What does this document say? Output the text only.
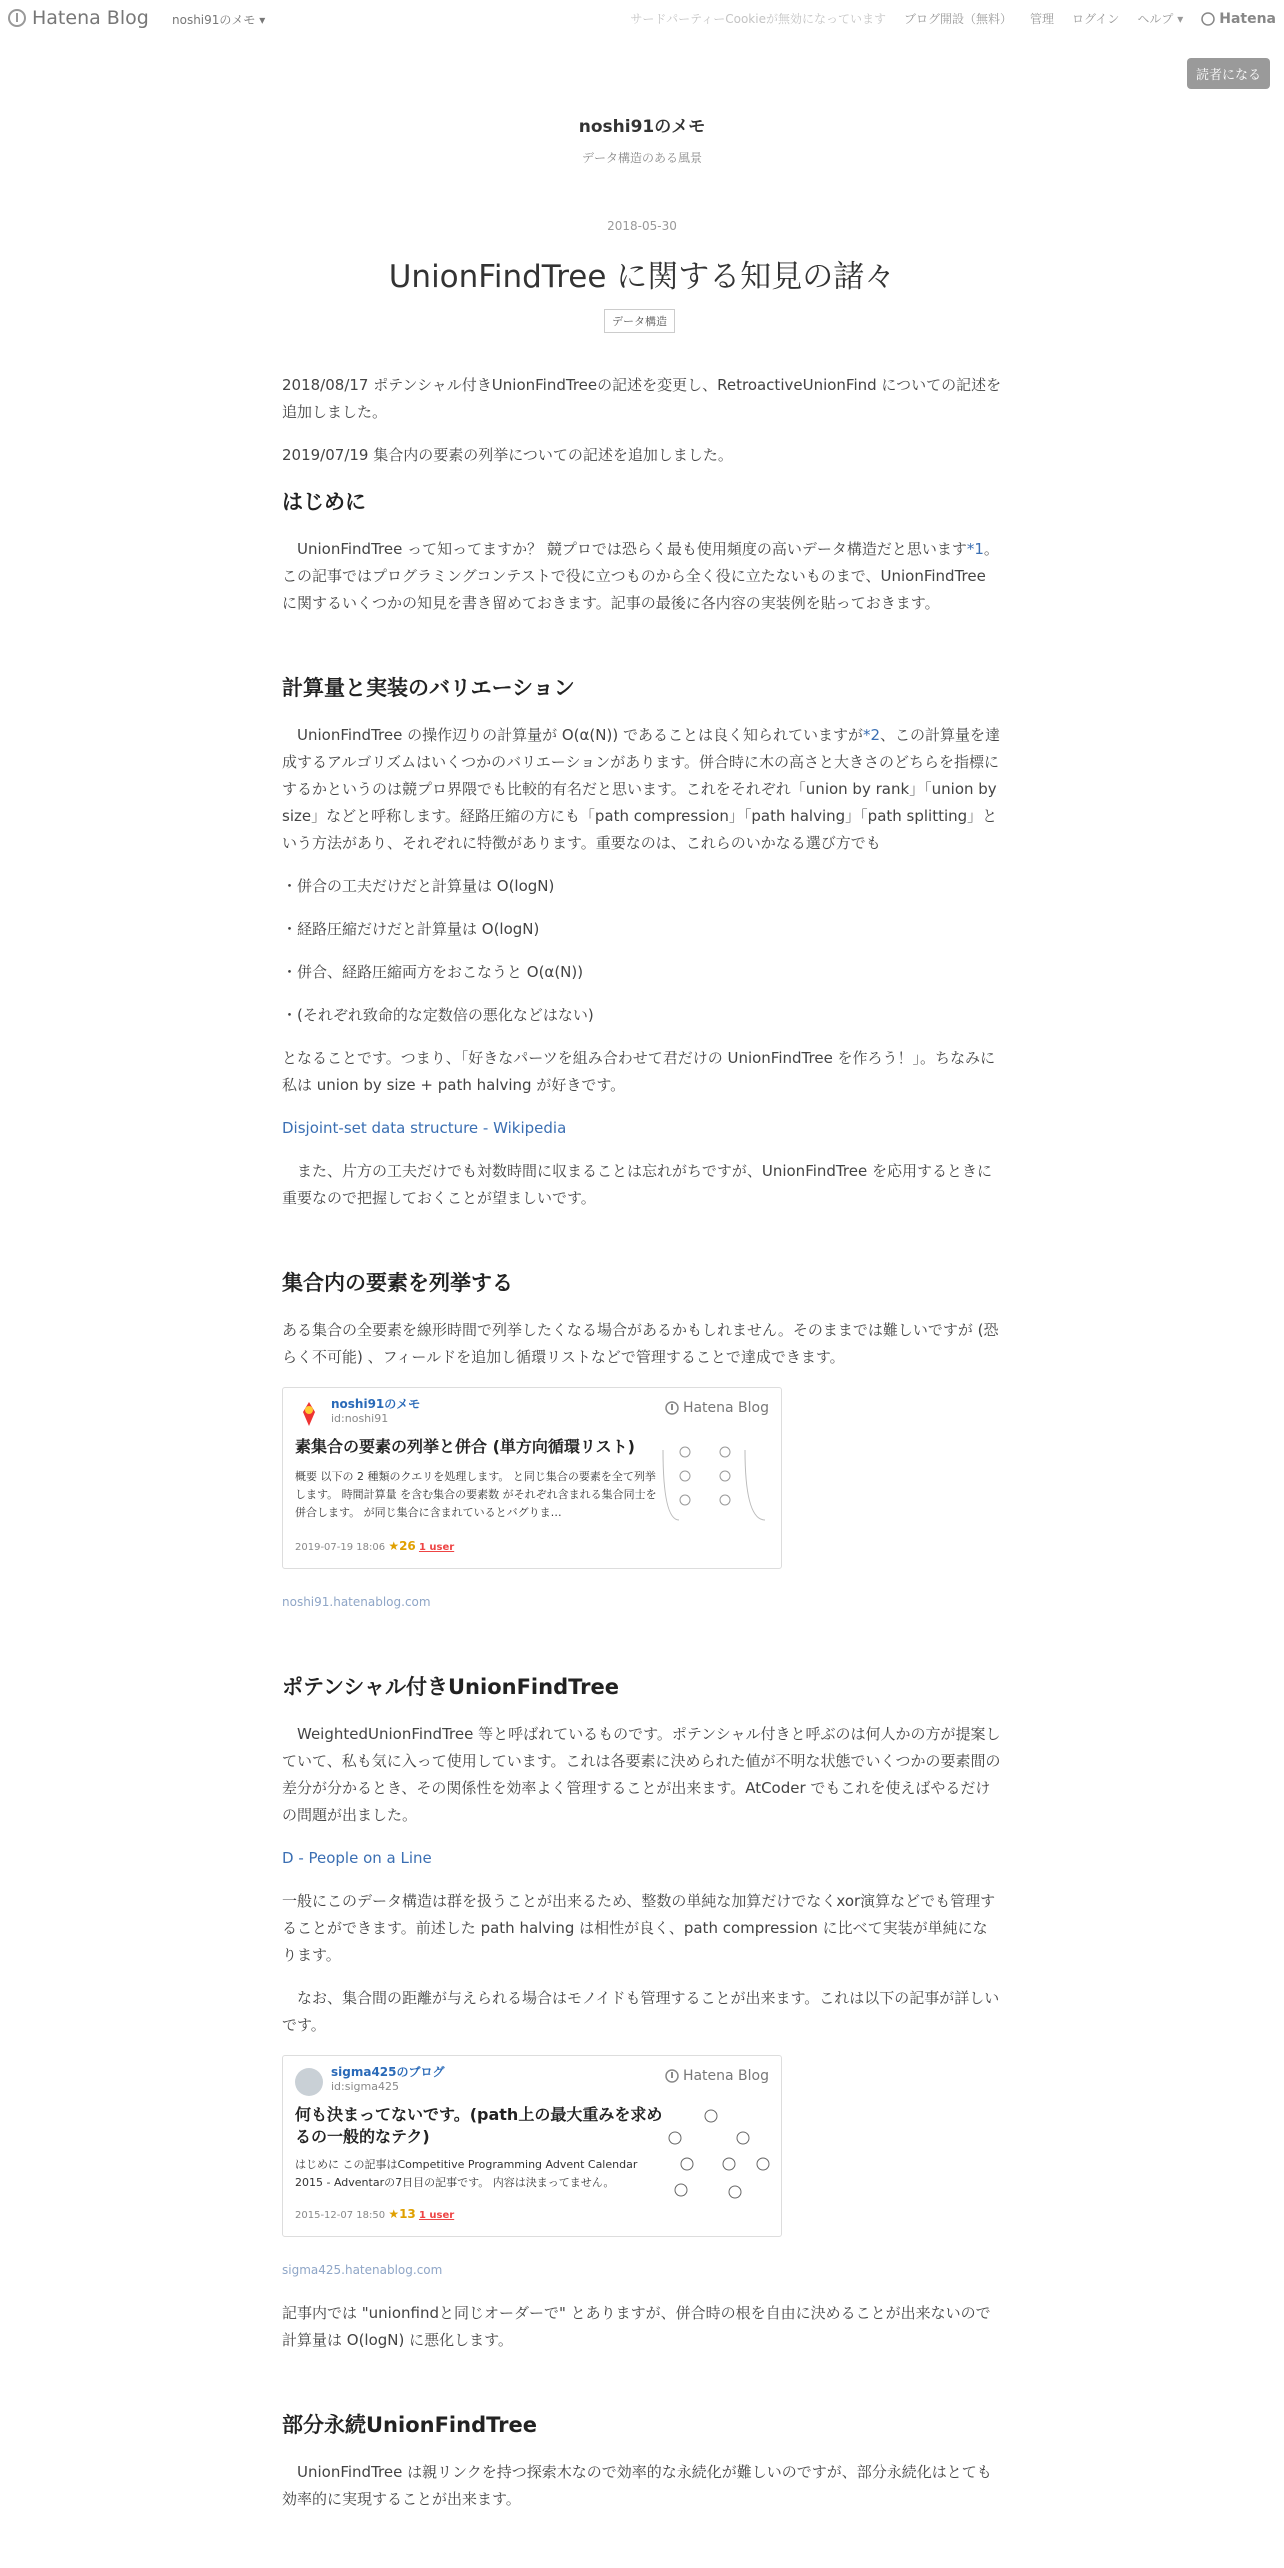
Hatena Blog noshi91のメモ ▾	サードパーティーCookieが無効になっています ブログ開設（無料） 管理 ログイン ヘルプ ▾	Hatena
読者になる
noshi91のメモ
データ構造のある風景
2018-05-30
UnionFindTree に関する知見の諸々
データ構造

2018/08/17 ポテンシャル付きUnionFindTreeの記述を変更し、RetroactiveUnionFind についての記述を追加しました。

2019/07/19 集合内の要素の列挙についての記述を追加しました。

はじめに

UnionFindTree って知ってますか？ 競プロでは恐らく最も使用頻度の高いデータ構造だと思います*1。この記事ではプログラミングコンテストで役に立つものから全く役に立たないものまで、UnionFindTree に関するいくつかの知見を書き留めておきます。記事の最後に各内容の実装例を貼っておきます。

計算量と実装のバリエーション

UnionFindTree の操作辺りの計算量が O(α(N)) であることは良く知られていますが*2、この計算量を達成するアルゴリズムはいくつかのバリエーションがあります。併合時に木の高さと大きさのどちらを指標にするかというのは競プロ界隈でも比較的有名だと思います。これをそれぞれ「union by rank」「union by size」などと呼称します。経路圧縮の方にも「path compression」「path halving」「path splitting」という方法があり、それぞれに特徴があります。重要なのは、これらのいかなる選び方でも

・併合の工夫だけだと計算量は O(logN)

・経路圧縮だけだと計算量は O(logN)

・併合、経路圧縮両方をおこなうと O(α(N))

・(それぞれ致命的な定数倍の悪化などはない)

となることです。つまり、「好きなパーツを組み合わせて君だけの UnionFindTree を作ろう！」。ちなみに私は union by size + path halving が好きです。

Disjoint-set data structure - Wikipedia

また、片方の工夫だけでも対数時間に収まることは忘れがちですが、UnionFindTree を応用するときに重要なので把握しておくことが望ましいです。

集合内の要素を列挙する

ある集合の全要素を線形時間で列挙したくなる場合があるかもしれません。そのままでは難しいですが (恐らく不可能) 、フィールドを追加し循環リストなどで管理することで達成できます。

noshi91のメモ
id:noshi91
Hatena Blog
素集合の要素の列挙と併合 (単方向循環リスト)
概要 以下の 2 種類のクエリを処理します。 と同じ集合の要素を全て列挙します。 時間計算量 を含む集合の要素数 がそれぞれ含まれる集合同士を併合します。 が同じ集合に含まれているとバグりま…
2019-07-19 18:06 ★26 1 user

noshi91.hatenablog.com

ポテンシャル付きUnionFindTree

WeightedUnionFindTree 等と呼ばれているものです。ポテンシャル付きと呼ぶのは何人かの方が提案していて、私も気に入って使用しています。これは各要素に決められた値が不明な状態でいくつかの要素間の差分が分かるとき、その関係性を効率よく管理することが出来ます。AtCoder でもこれを使えばやるだけの問題が出ました。

D - People on a Line

一般にこのデータ構造は群を扱うことが出来るため、整数の単純な加算だけでなくxor演算などでも管理することができます。前述した path halving は相性が良く、path compression に比べて実装が単純になります。

なお、集合間の距離が与えられる場合はモノイドも管理することが出来ます。これは以下の記事が詳しいです。

sigma425のブログ
id:sigma425
Hatena Blog
何も決まってないです。(path上の最大重みを求めるの一般的なテク)
はじめに この記事はCompetitive Programming Advent Calendar 2015 - Adventarの7日目の記事です。 内容は決まってません。
2015-12-07 18:50 ★13 1 user

sigma425.hatenablog.com

記事内では "unionfindと同じオーダーで" とありますが、併合時の根を自由に決めることが出来ないので計算量は O(logN) に悪化します。

部分永続UnionFindTree

UnionFindTree は親リンクを持つ探索木なので効率的な永続化が難しいのですが、部分永続化はとても効率的に実現することが出来ます。
